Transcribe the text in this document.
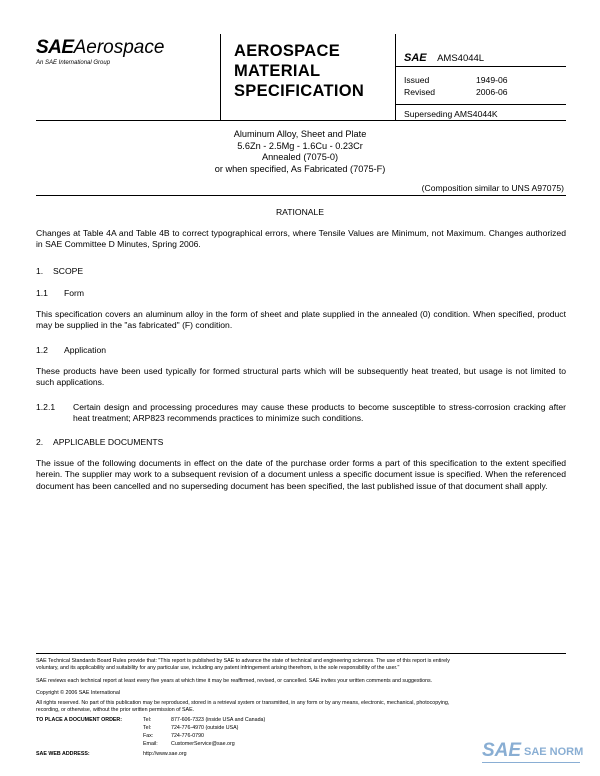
SAEAerospace
An SAE International Group
AEROSPACE
MATERIAL
SPECIFICATION
SAE AMS4044L
Issued	1949-06
Revised	2006-06
Superseding AMS4044K
Aluminum Alloy, Sheet and Plate
5.6Zn - 2.5Mg - 1.6Cu - 0.23Cr
Annealed (7075-0)
or when specified, As Fabricated (7075-F)
(Composition similar to UNS A97075)
RATIONALE
Changes at Table 4A and Table 4B to correct typographical errors, where Tensile Values are Minimum, not Maximum. Changes authorized in SAE Committee D Minutes, Spring 2006.
1. SCOPE
1.1 Form
This specification covers an aluminum alloy in the form of sheet and plate supplied in the annealed (0) condition. When specified, product may be supplied in the "as fabricated" (F) condition.
1.2 Application
These products have been used typically for formed structural parts which will be subsequently heat treated, but usage is not limited to such applications.
1.2.1 Certain design and processing procedures may cause these products to become susceptible to stress-corrosion cracking after heat treatment; ARP823 recommends practices to minimize such conditions.
2. APPLICABLE DOCUMENTS
The issue of the following documents in effect on the date of the purchase order forms a part of this specification to the extent specified herein. The supplier may work to a subsequent revision of a document unless a specific document issue is specified. When the referenced document has been cancelled and no superseding document has been specified, the last published issue of that document shall apply.
SAE Technical Standards Board Rules provide that: "This report is published by SAE to advance the state of technical and engineering sciences. The use of this report is entirely
voluntary, and its applicability and suitability for any particular use, including any patent infringement arising therefrom, is the sole responsibility of the user."
SAE reviews each technical report at least every five years at which time it may be reaffirmed, revised, or cancelled. SAE invites your written comments and suggestions.
Copyright © 2006 SAE International
All rights reserved. No part of this publication may be reproduced, stored in a retrieval system or transmitted, in any form or by any means, electronic, mechanical, photocopying,
recording, or otherwise, without the prior written permission of SAE.
TO PLACE A DOCUMENT ORDER:	Tel:	877-606-7323 (inside USA and Canada)
Tel:	724-776-4970 (outside USA)
Fax:	724-776-0790
Email:	CustomerService@sae.org
SAE WEB ADDRESS:	http://www.sae.org	SAE SAE NORM
